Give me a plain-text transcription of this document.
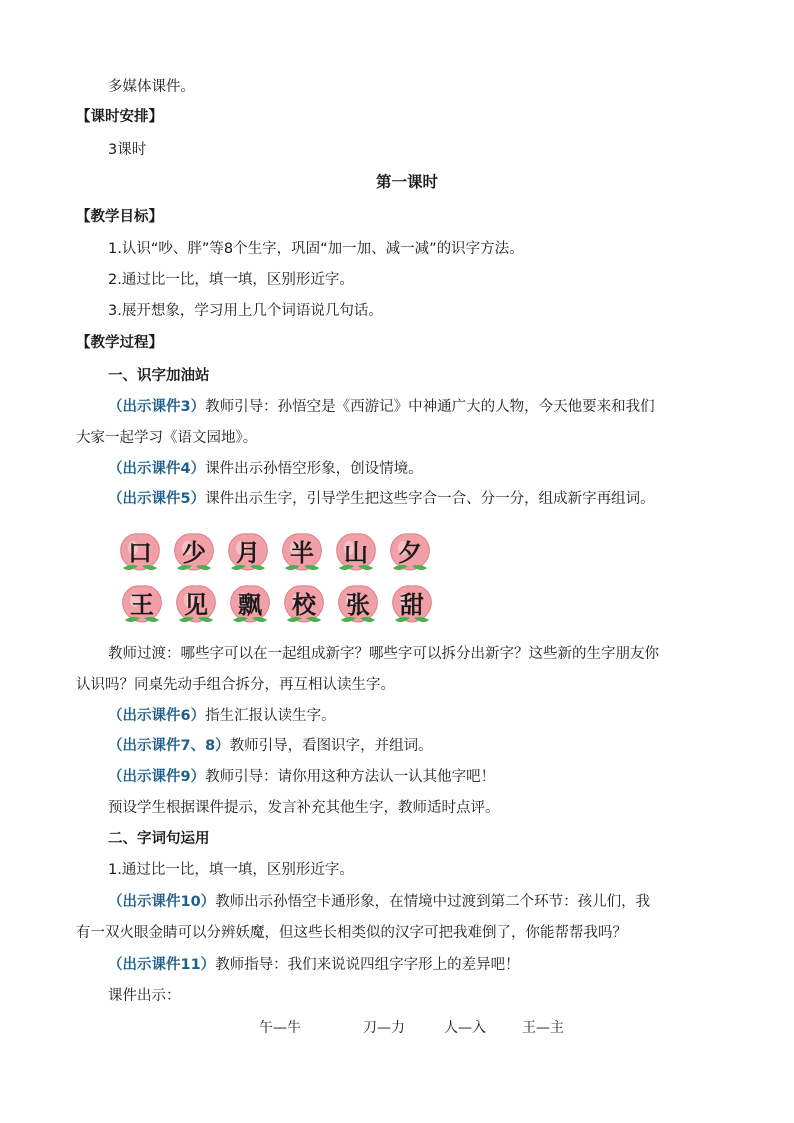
多媒体课件。
【课时安排】
3课时
第一课时
【教学目标】
1.认识“吵、胖”等8个生字，巩固“加一加、减一减”的识字方法。
2.通过比一比，填一填，区别形近字。
3.展开想象，学习用上几个词语说几句话。
【教学过程】
一、识字加油站
（出示课件3）教师引导：孙悟空是《西游记》中神通广大的人物，今天他要来和我们
大家一起学习《语文园地》。
（出示课件4）课件出示孙悟空形象，创设情境。
（出示课件5）课件出示生字，引导学生把这些字合一合、分一分，组成新字再组词。
口	少	月	半	山	夕
王	见	飘	校	张	甜
教师过渡：哪些字可以在一起组成新字？哪些字可以拆分出新字？这些新的生字朋友你
认识吗？同桌先动手组合拆分，再互相认读生字。
（出示课件6）指生汇报认读生字。
（出示课件7、8）教师引导，看图识字，并组词。
（出示课件9）教师引导：请你用这种方法认一认其他字吧！
预设学生根据课件提示，发言补充其他生字，教师适时点评。
二、字词句运用
1.通过比一比，填一填，区别形近字。
（出示课件10）教师出示孙悟空卡通形象，在情境中过渡到第二个环节：孩儿们，我
有一双火眼金睛可以分辨妖魔，但这些长相类似的汉字可把我难倒了，你能帮帮我吗？
（出示课件11）教师指导：我们来说说四组字字形上的差异吧！
课件出示：
午—牛	刀—力	人—入	王—主
